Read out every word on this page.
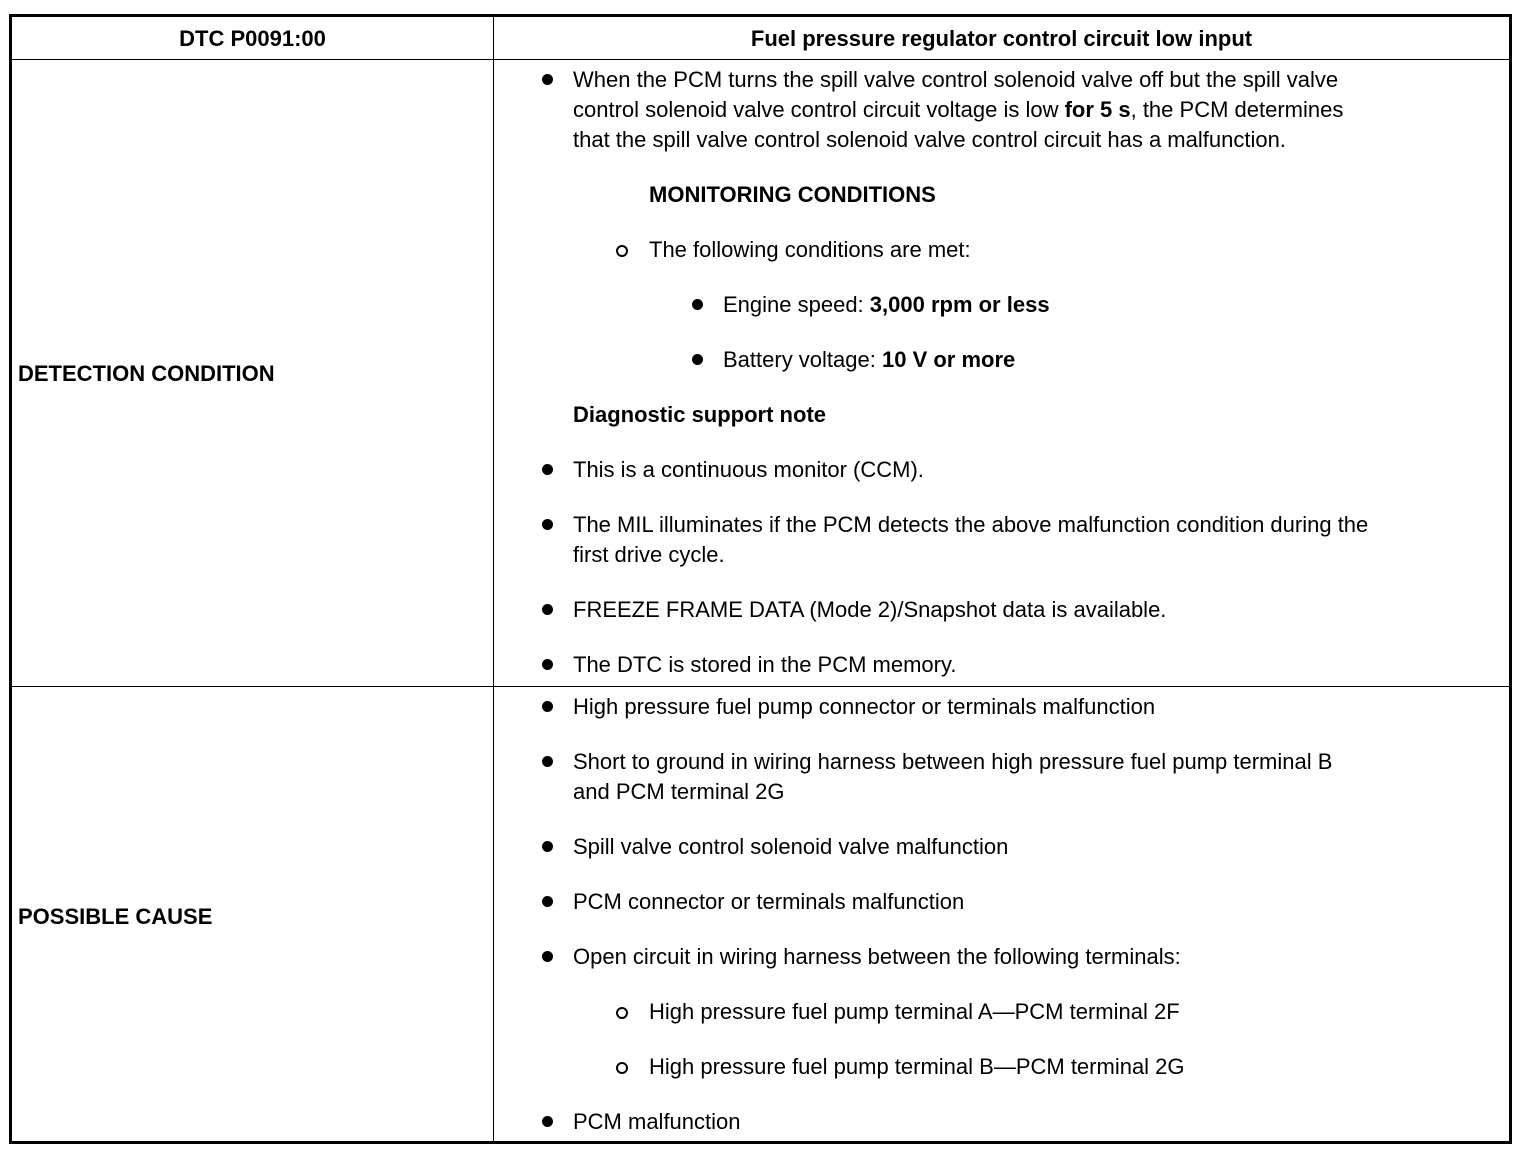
DTC P0091:00	Fuel pressure regulator control circuit low input
DETECTION CONDITION
POSSIBLE CAUSE
When the PCM turns the spill valve control solenoid valve off but the spill valve
control solenoid valve control circuit voltage is low for 5 s, the PCM determines
that the spill valve control solenoid valve control circuit has a malfunction.
MONITORING CONDITIONS
The following conditions are met:
Engine speed: 3,000 rpm or less
Battery voltage: 10 V or more
Diagnostic support note
This is a continuous monitor (CCM).
The MIL illuminates if the PCM detects the above malfunction condition during the
first drive cycle.
FREEZE FRAME DATA (Mode 2)/Snapshot data is available.
The DTC is stored in the PCM memory.
High pressure fuel pump connector or terminals malfunction
Short to ground in wiring harness between high pressure fuel pump terminal B
and PCM terminal 2G
Spill valve control solenoid valve malfunction
PCM connector or terminals malfunction
Open circuit in wiring harness between the following terminals:
High pressure fuel pump terminal A—PCM terminal 2F
High pressure fuel pump terminal B—PCM terminal 2G
PCM malfunction
